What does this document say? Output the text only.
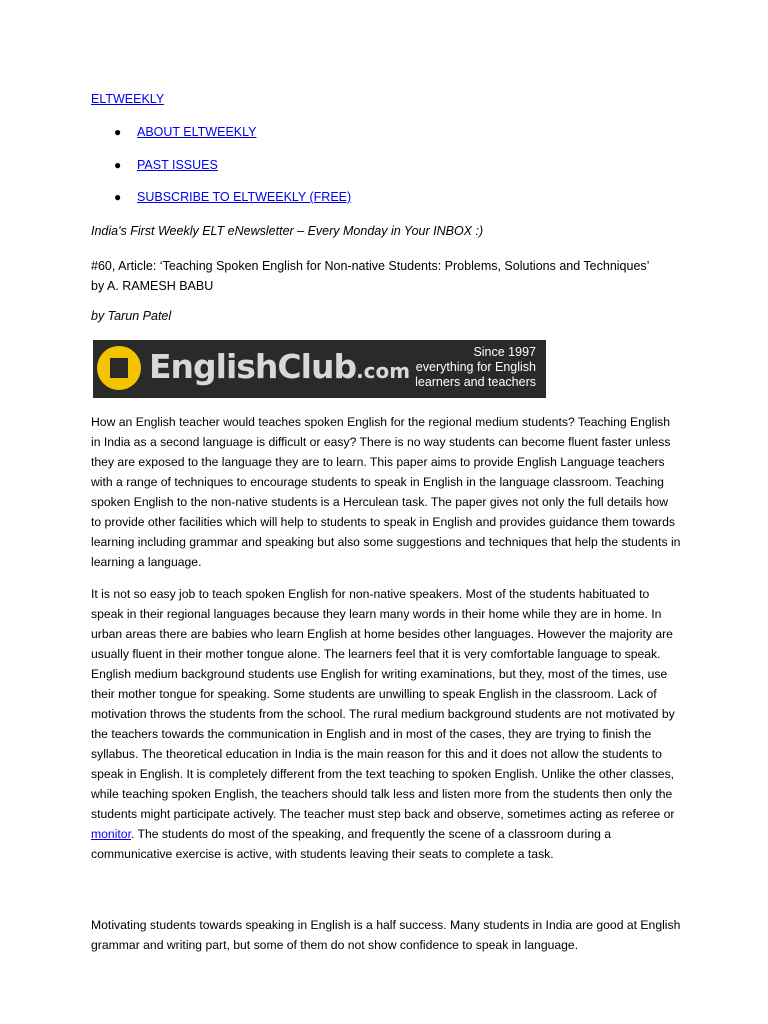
ELTWEEKLY
● ABOUT ELTWEEKLY
● PAST ISSUES
● SUBSCRIBE TO ELTWEEKLY (FREE)
India's First Weekly ELT eNewsletter – Every Monday in Your INBOX :)
#60, Article: ‘Teaching Spoken English for Non-native Students: Problems, Solutions and Techniques’
by A. RAMESH BABU
by Tarun Patel
EnglishClub.com
Since 1997
everything for English
learners and teachers

How an English teacher would teaches spoken English for the regional medium students? Teaching English in India as a second language is difficult or easy? There is no way students can become fluent faster unless they are exposed to the language they are to learn. This paper aims to provide English Language teachers with a range of techniques to encourage students to speak in English in the language classroom. Teaching spoken English to the non-native students is a Herculean task. The paper gives not only the full details how to provide other facilities which will help to students to speak in English and provides guidance them towards learning including grammar and speaking but also some suggestions and techniques that help the students in learning a language.

It is not so easy job to teach spoken English for non-native speakers. Most of the students habituated to speak in their regional languages because they learn many words in their home while they are in home. In urban areas there are babies who learn English at home besides other languages. However the majority are usually fluent in their mother tongue alone. The learners feel that it is very comfortable language to speak. English medium background students use English for writing examinations, but they, most of the times, use their mother tongue for speaking. Some students are unwilling to speak English in the classroom. Lack of motivation throws the students from the school. The rural medium background students are not motivated by the teachers towards the communication in English and in most of the cases, they are trying to finish the syllabus. The theoretical education in India is the main reason for this and it does not allow the students to speak in English. It is completely different from the text teaching to spoken English. Unlike the other classes, while teaching spoken English, the teachers should talk less and listen more from the students then only the students might participate actively. The teacher must step back and observe, sometimes acting as referee or monitor. The students do most of the speaking, and frequently the scene of a classroom during a communicative exercise is active, with students leaving their seats to complete a task.

Motivating students towards speaking in English is a half success. Many students in India are good at English grammar and writing part, but some of them do not show confidence to speak in language.
